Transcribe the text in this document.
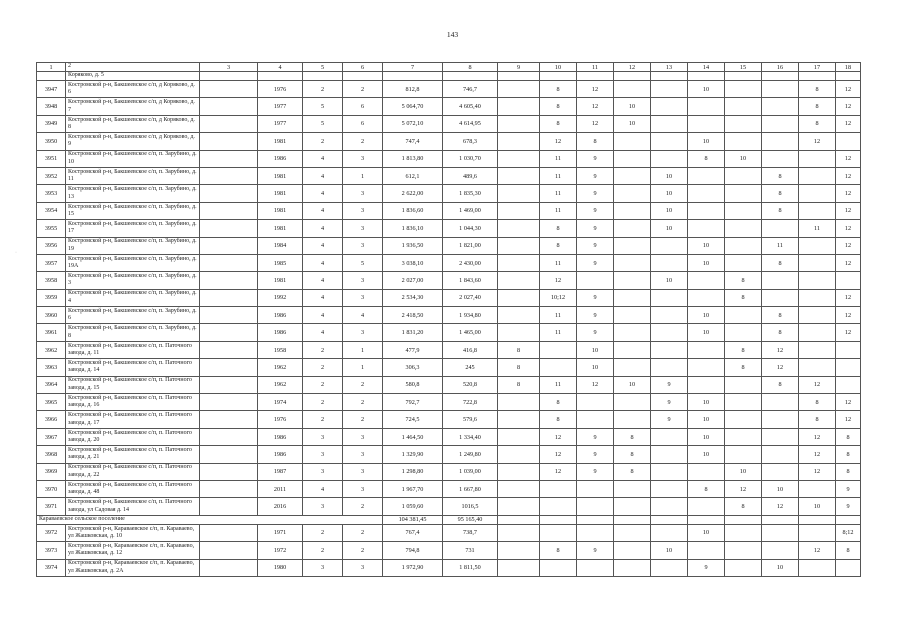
143
·
1	2	3	4	5	6	7	8	9	10	11	12	13	14	15	16	17	18
	Коряково, д. 5																
3947	Костромской р-н, Бакшеевское с/п, д Коряково, д. 6		1976	2	2	812,8	746,7		8	12			10			8	12
3948	Костромской р-н, Бакшеевское с/п, д Коряково, д. 7		1977	5	6	5 064,70	4 605,40		8	12	10					8	12
3949	Костромской р-н, Бакшеевское с/п, д Коряково, д. 8		1977	5	6	5 072,10	4 614,95		8	12	10					8	12
3950	Костромской р-н, Бакшеевское с/п, д Коряково, д. 9		1981	2	2	747,4	678,3		12	8			10			12	
3951	Костромской р-н, Бакшеевское с/п, п. Зарубино, д. 10		1986	4	3	1 813,80	1 030,70		11	9			8	10			12
3952	Костромской р-н, Бакшеевское с/п, п. Зарубино, д. 11		1981	4	1	612,1	489,6		11	9		10			8		12
3953	Костромской р-н, Бакшеевское с/п, п. Зарубино, д. 13		1981	4	3	2 622,00	1 835,30		11	9		10			8		12
3954	Костромской р-н, Бакшеевское с/п, п. Зарубино, д. 15		1981	4	3	1 836,60	1 469,00		11	9		10			8		12
3955	Костромской р-н, Бакшеевское с/п, п. Зарубино, д. 17		1981	4	3	1 836,10	1 044,30		8	9		10				11	12
3956	Костромской р-н, Бакшеевское с/п, п. Зарубино, д. 19		1984	4	3	1 936,50	1 821,00		8	9			10		11		12
3957	Костромской р-н, Бакшеевское с/п, п. Зарубино, д. 19А		1985	4	5	3 038,10	2 430,00		11	9			10		8		12
3958	Костромской р-н, Бакшеевское с/п, п. Зарубино, д. 3		1981	4	3	2 027,00	1 843,60		12			10		8			
3959	Костромской р-н, Бакшеевское с/п, п. Зарубино, д. 4		1992	4	3	2 534,30	2 027,40		10;12	9				8			12
3960	Костромской р-н, Бакшеевское с/п, п. Зарубино, д. 6		1986	4	4	2 418,50	1 934,80		11	9			10		8		12
3961	Костромской р-н, Бакшеевское с/п, п. Зарубино, д. 8		1986	4	3	1 831,20	1 465,00		11	9			10		8		12
3962	Костромской р-н, Бакшеевское с/п, п. Паточного завода, д. 11		1958	2	1	477,9	416,8	8		10				8	12		
3963	Костромской р-н, Бакшеевское с/п, п. Паточного завода, д. 14		1962	2	1	306,3	245	8		10				8	12		
3964	Костромской р-н, Бакшеевское с/п, п. Паточного завода, д. 15		1962	2	2	580,8	520,8	8	11	12	10	9			8	12	
3965	Костромской р-н, Бакшеевское с/п, п. Паточного завода, д. 16		1974	2	2	792,7	722,8		8			9	10			8	12
3966	Костромской р-н, Бакшеевское с/п, п. Паточного завода, д. 17		1976	2	2	724,5	579,6		8			9	10			8	12
3967	Костромской р-н, Бакшеевское с/п, п. Паточного завода, д. 20		1986	3	3	1 464,50	1 334,40		12	9	8		10			12	8
3968	Костромской р-н, Бакшеевское с/п, п. Паточного завода, д. 21		1986	3	3	1 329,90	1 249,80		12	9	8		10			12	8
3969	Костромской р-н, Бакшеевское с/п, п. Паточного завода, д. 22		1987	3	3	1 298,80	1 039,00		12	9	8			10		12	8
3970	Костромской р-н, Бакшеевское с/п, п. Паточного завода, д. 48		2011	4	3	1 967,70	1 667,80						8	12	10		9
3971	Костромской р-н, Бакшеевское с/п, п. Паточного завода, ул Садовая д. 14		2016	3	2	1 059,60	1016,5							8	12	10	9
Караваевское сельское поселение						104 381,45	95 165,40										
3972	Костромской р-н, Караваевское с/п, п. Караваево, ул Жашковская, д. 10		1971	2	2	767,4	738,7						10				8;12
3973	Костромской р-н, Караваевское с/п, п. Караваево, ул Жашковская, д. 12		1972	2	2	794,8	731		8	9		10				12	8
3974	Костромской р-н, Караваевское с/п, п. Караваево, ул Жашковская, д. 2А		1980	3	3	1 972,90	1 811,50						9		10		
